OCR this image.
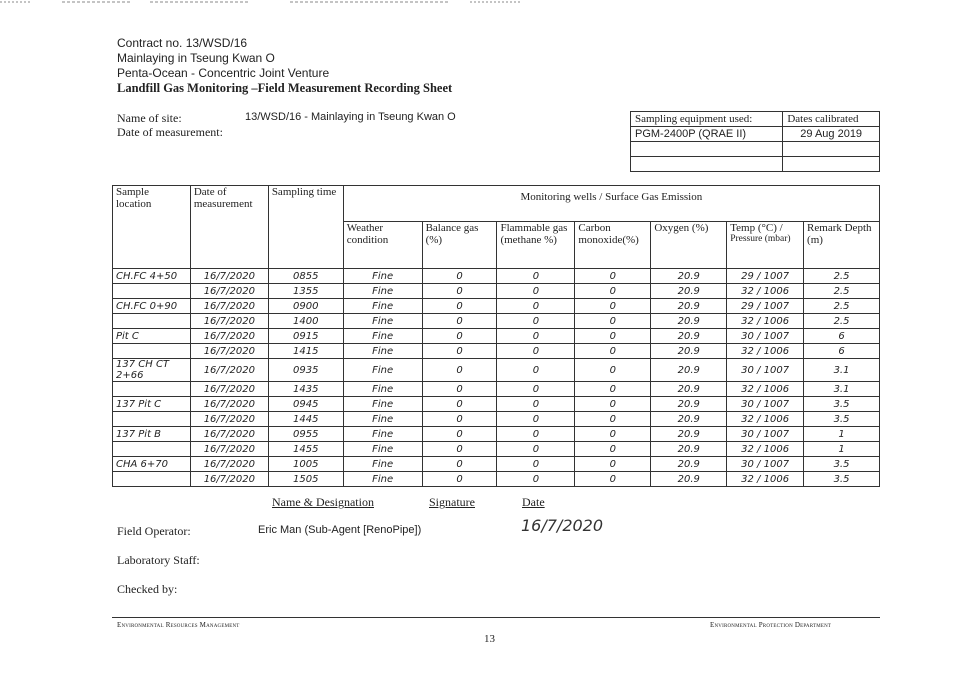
Contract no. 13/WSD/16
Mainlaying in Tseung Kwan O
Penta-Ocean - Concentric Joint Venture
Landfill Gas Monitoring –Field Measurement Recording Sheet
Name of site:	13/WSD/16 - Mainlaying in Tseung Kwan O
Date of measurement:
Sampling equipment used:	Dates calibrated
PGM-2400P (QRAE II)	29 Aug 2019

Sample location	Date of measurement	Sampling time	Monitoring wells / Surface Gas Emission						
			Weather condition	Balance gas (%)	Flammable gas (methane %)	Carbon monoxide(%)	Oxygen (%)	Temp (°C) /
Pressure (mbar)	Remark Depth (m)
CH.FC 4+50	16/7/2020	0855	Fine	0	0	0	20.9	29 / 1007	2.5
	16/7/2020	1355	Fine	0	0	0	20.9	32 / 1006	2.5
CH.FC 0+90	16/7/2020	0900	Fine	0	0	0	20.9	29 / 1007	2.5
	16/7/2020	1400	Fine	0	0	0	20.9	32 / 1006	2.5
Pit C	16/7/2020	0915	Fine	0	0	0	20.9	30 / 1007	6
	16/7/2020	1415	Fine	0	0	0	20.9	32 / 1006	6
137 CH CT 2+66	16/7/2020	0935	Fine	0	0	0	20.9	30 / 1007	3.1
	16/7/2020	1435	Fine	0	0	0	20.9	32 / 1006	3.1
137 Pit C	16/7/2020	0945	Fine	0	0	0	20.9	30 / 1007	3.5
	16/7/2020	1445	Fine	0	0	0	20.9	32 / 1006	3.5
137 Pit B	16/7/2020	0955	Fine	0	0	0	20.9	30 / 1007	1
	16/7/2020	1455	Fine	0	0	0	20.9	32 / 1006	1
CHA 6+70	16/7/2020	1005	Fine	0	0	0	20.9	30 / 1007	3.5
	16/7/2020	1505	Fine	0	0	0	20.9	32 / 1006	3.5
Name & Designation	Signature	Date
Field Operator:	Eric Man (Sub-Agent [RenoPipe])	16/7/2020
Laboratory Staff:
Checked by:
Environmental Resources Management	Environmental Protection Department
13
